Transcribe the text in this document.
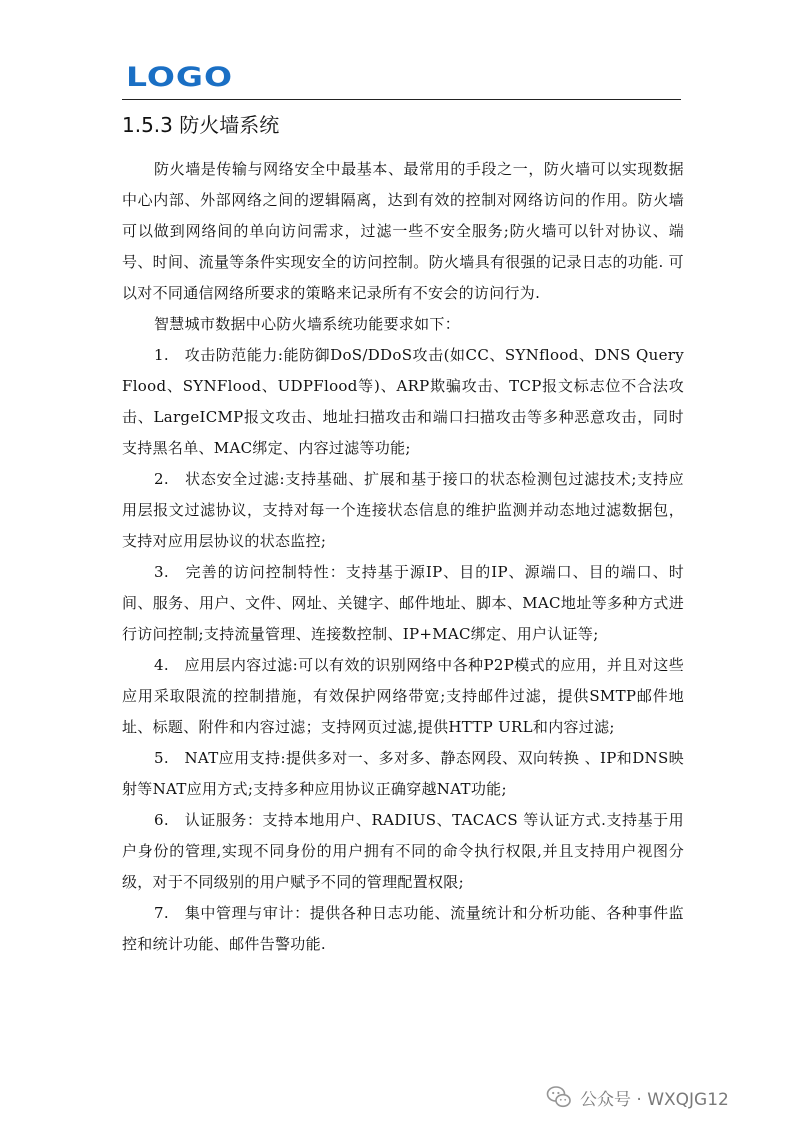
LOGO
1.5.3 防火墙系统

防火墙是传输与网络安全中最基本、最常用的手段之一，防火墙可以实现数据中心内部、外部网络之间的逻辑隔离，达到有效的控制对网络访问的作用。防火墙可以做到网络间的单向访问需求，过滤一些不安全服务;防火墙可以针对协议、端号、时间、流量等条件实现安全的访问控制。防火墙具有很强的记录日志的功能. 可以对不同通信网络所要求的策略来记录所有不安会的访问行为.

智慧城市数据中心防火墙系统功能要求如下：

1.　攻击防范能力:能防御DoS/DDoS攻击(如CC、SYNflood、DNS Query Flood、SYNFlood、UDPFlood等)、ARP欺骗攻击、TCP报文标志位不合法攻击、LargeICMP报文攻击、地址扫描攻击和端口扫描攻击等多种恶意攻击，同时支持黑名单、MAC绑定、内容过滤等功能;

2.　状态安全过滤:支持基础、扩展和基于接口的状态检测包过滤技术;支持应用层报文过滤协议，支持对每一个连接状态信息的维护监测并动态地过滤数据包，支持对应用层协议的状态监控;

3.　完善的访问控制特性：支持基于源IP、目的IP、源端口、目的端口、时间、服务、用户、文件、网址、关键字、邮件地址、脚本、MAC地址等多种方式进行访问控制;支持流量管理、连接数控制、IP+MAC绑定、用户认证等;

4.　应用层内容过滤:可以有效的识别网络中各种P2P模式的应用，并且对这些应用采取限流的控制措施，有效保护网络带宽;支持邮件过滤，提供SMTP邮件地址、标题、附件和内容过滤；支持网页过滤,提供HTTP URL和内容过滤;

5.　NAT应用支持:提供多对一、多对多、静态网段、双向转换 、IP和DNS映射等NAT应用方式;支持多种应用协议正确穿越NAT功能;

6.　认证服务：支持本地用户、RADIUS、TACACS 等认证方式.支持基于用户身份的管理,实现不同身份的用户拥有不同的命令执行权限,并且支持用户视图分级，对于不同级别的用户赋予不同的管理配置权限;

7.　集中管理与审计：提供各种日志功能、流量统计和分析功能、各种事件监控和统计功能、邮件告警功能.

公众号 · WXQJG12
